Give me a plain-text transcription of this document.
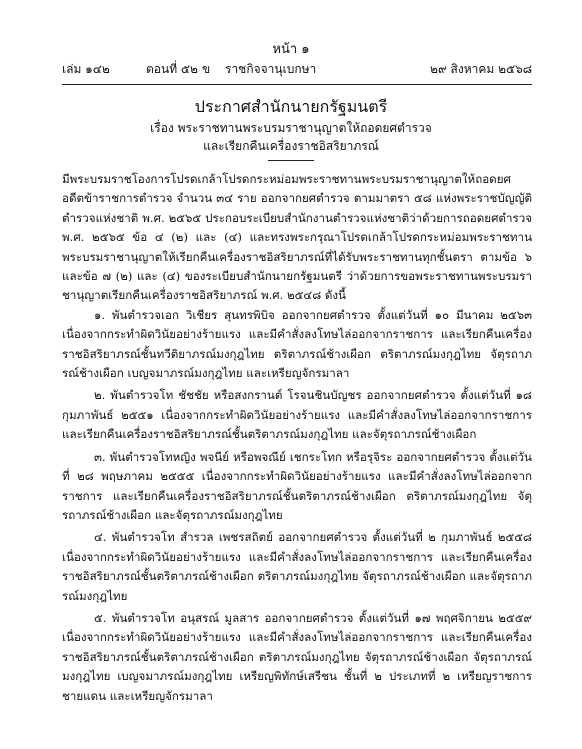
หน้า ๑
เล่ม ๑๔๒	ตอนที่ ๕๒ ข ราชกิจจานุเบกษา	๒๙ สิงหาคม ๒๕๖๘
ประกาศสำนักนายกรัฐมนตรี
เรื่อง พระราชทานพระบรมราชานุญาตให้ถอดยศตำรวจ
และเรียกคืนเครื่องราชอิสริยาภรณ์

มีพระบรมราชโองการโปรดเกล้าโปรดกระหม่อมพระราชทานพระบรมราชานุญาตให้ถอดยศอดีตข้าราชการตำรวจ จำนวน ๓๔ ราย ออกจากยศตำรวจ ตามมาตรา ๕๘ แห่งพระราชบัญญัติตำรวจแห่งชาติ พ.ศ. ๒๕๖๕ ประกอบระเบียบสำนักงานตำรวจแห่งชาติว่าด้วยการถอดยศตำรวจ พ.ศ. ๒๕๖๕ ข้อ ๔ (๒) และ (๔) และทรงพระกรุณาโปรดเกล้าโปรดกระหม่อมพระราชทานพระบรมราชานุญาตให้เรียกคืนเครื่องราชอิสริยาภรณ์ที่ได้รับพระราชทานทุกชั้นตรา ตามข้อ ๖ และข้อ ๗ (๒) และ (๔) ของระเบียบสำนักนายกรัฐมนตรี ว่าด้วยการขอพระราชทานพระบรมราชานุญาตเรียกคืนเครื่องราชอิสริยาภรณ์ พ.ศ. ๒๕๔๘ ดังนี้

๑. พันตำรวจเอก วิเชียร สุนทรพิบิจ ออกจากยศตำรวจ ตั้งแต่วันที่ ๑๐ มีนาคม ๒๕๖๓ เนื่องจากกระทำผิดวินัยอย่างร้ายแรง และมีคำสั่งลงโทษไล่ออกจากราชการ และเรียกคืนเครื่องราชอิสริยาภรณ์ชั้นทวีติยาภรณ์มงกุฎไทย ตริตาภรณ์ช้างเผือก ตริตาภรณ์มงกุฎไทย จัตุรถาภรณ์ช้างเผือก เบญจมาภรณ์มงกุฎไทย และเหรียญจักรมาลา

๒. พันตำรวจโท ชัชชัย หรือสงกรานต์ โรจนชินบัญชร ออกจากยศตำรวจ ตั้งแต่วันที่ ๑๘ กุมภาพันธ์ ๒๕๕๑ เนื่องจากกระทำผิดวินัยอย่างร้ายแรง และมีคำสั่งลงโทษไล่ออกจากราชการ และเรียกคืนเครื่องราชอิสริยาภรณ์ชั้นตริตาภรณ์มงกุฎไทย และจัตุรถาภรณ์ช้างเผือก

๓. พันตำรวจโทหญิง พจนีย์ หรือพจณีย์ เชกระโทก หรือรุจิระ ออกจากยศตำรวจ ตั้งแต่วันที่ ๒๘ พฤษภาคม ๒๕๕๕ เนื่องจากกระทำผิดวินัยอย่างร้ายแรง และมีคำสั่งลงโทษไล่ออกจากราชการ และเรียกคืนเครื่องราชอิสริยาภรณ์ชั้นตริตาภรณ์ช้างเผือก ตริตาภรณ์มงกุฎไทย จัตุรถาภรณ์ช้างเผือก และจัตุรถาภรณ์มงกุฎไทย

๔. พันตำรวจโท สำรวล เพชรสถิตย์ ออกจากยศตำรวจ ตั้งแต่วันที่ ๒ กุมภาพันธ์ ๒๕๕๘ เนื่องจากกระทำผิดวินัยอย่างร้ายแรง และมีคำสั่งลงโทษไล่ออกจากราชการ และเรียกคืนเครื่องราชอิสริยาภรณ์ชั้นตริตาภรณ์ช้างเผือก ตริตาภรณ์มงกุฎไทย จัตุรถาภรณ์ช้างเผือก และจัตุรถาภรณ์มงกุฎไทย

๕. พันตำรวจโท อนุสรณ์ มูลสาร ออกจากยศตำรวจ ตั้งแต่วันที่ ๑๗ พฤศจิกายน ๒๕๕๙ เนื่องจากกระทำผิดวินัยอย่างร้ายแรง และมีคำสั่งลงโทษไล่ออกจากราชการ และเรียกคืนเครื่องราชอิสริยาภรณ์ชั้นตริตาภรณ์ช้างเผือก ตริตาภรณ์มงกุฎไทย จัตุรถาภรณ์ช้างเผือก จัตุรถาภรณ์มงกุฎไทย เบญจมาภรณ์มงกุฎไทย เหรียญพิทักษ์เสรีชน ชั้นที่ ๒ ประเภทที่ ๒ เหรียญราชการชายแดน และเหรียญจักรมาลา
